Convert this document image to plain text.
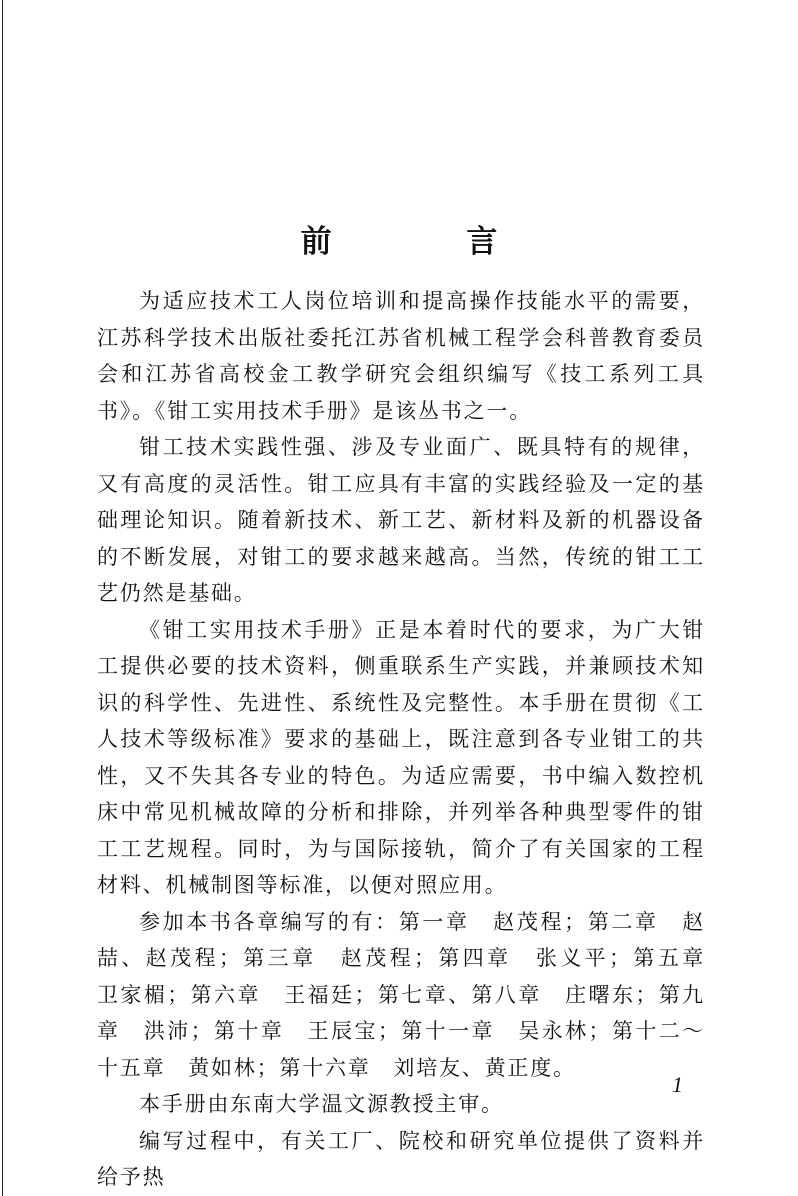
前 言

为适应技术工人岗位培训和提高操作技能水平的需要，江苏科学技术出版社委托江苏省机械工程学会科普教育委员会和江苏省高校金工教学研究会组织编写《技工系列工具书》。《钳工实用技术手册》是该丛书之一。

钳工技术实践性强、涉及专业面广、既具特有的规律，又有高度的灵活性。钳工应具有丰富的实践经验及一定的基础理论知识。随着新技术、新工艺、新材料及新的机器设备的不断发展，对钳工的要求越来越高。当然，传统的钳工工艺仍然是基础。

《钳工实用技术手册》正是本着时代的要求，为广大钳工提供必要的技术资料，侧重联系生产实践，并兼顾技术知识的科学性、先进性、系统性及完整性。本手册在贯彻《工人技术等级标准》要求的基础上，既注意到各专业钳工的共性，又不失其各专业的特色。为适应需要，书中编入数控机床中常见机械故障的分析和排除，并列举各种典型零件的钳工工艺规程。同时，为与国际接轨，简介了有关国家的工程材料、机械制图等标准，以便对照应用。

参加本书各章编写的有：第一章　赵茂程；第二章　赵喆、赵茂程；第三章　赵茂程；第四章　张义平；第五章　卫家楣；第六章　王福廷；第七章、第八章　庄曙东；第九章　洪沛；第十章　王辰宝；第十一章　吴永林；第十二～十五章　黄如林；第十六章　刘培友、黄正度。

本手册由东南大学温文源教授主审。

编写过程中，有关工厂、院校和研究单位提供了资料并给予热

1
